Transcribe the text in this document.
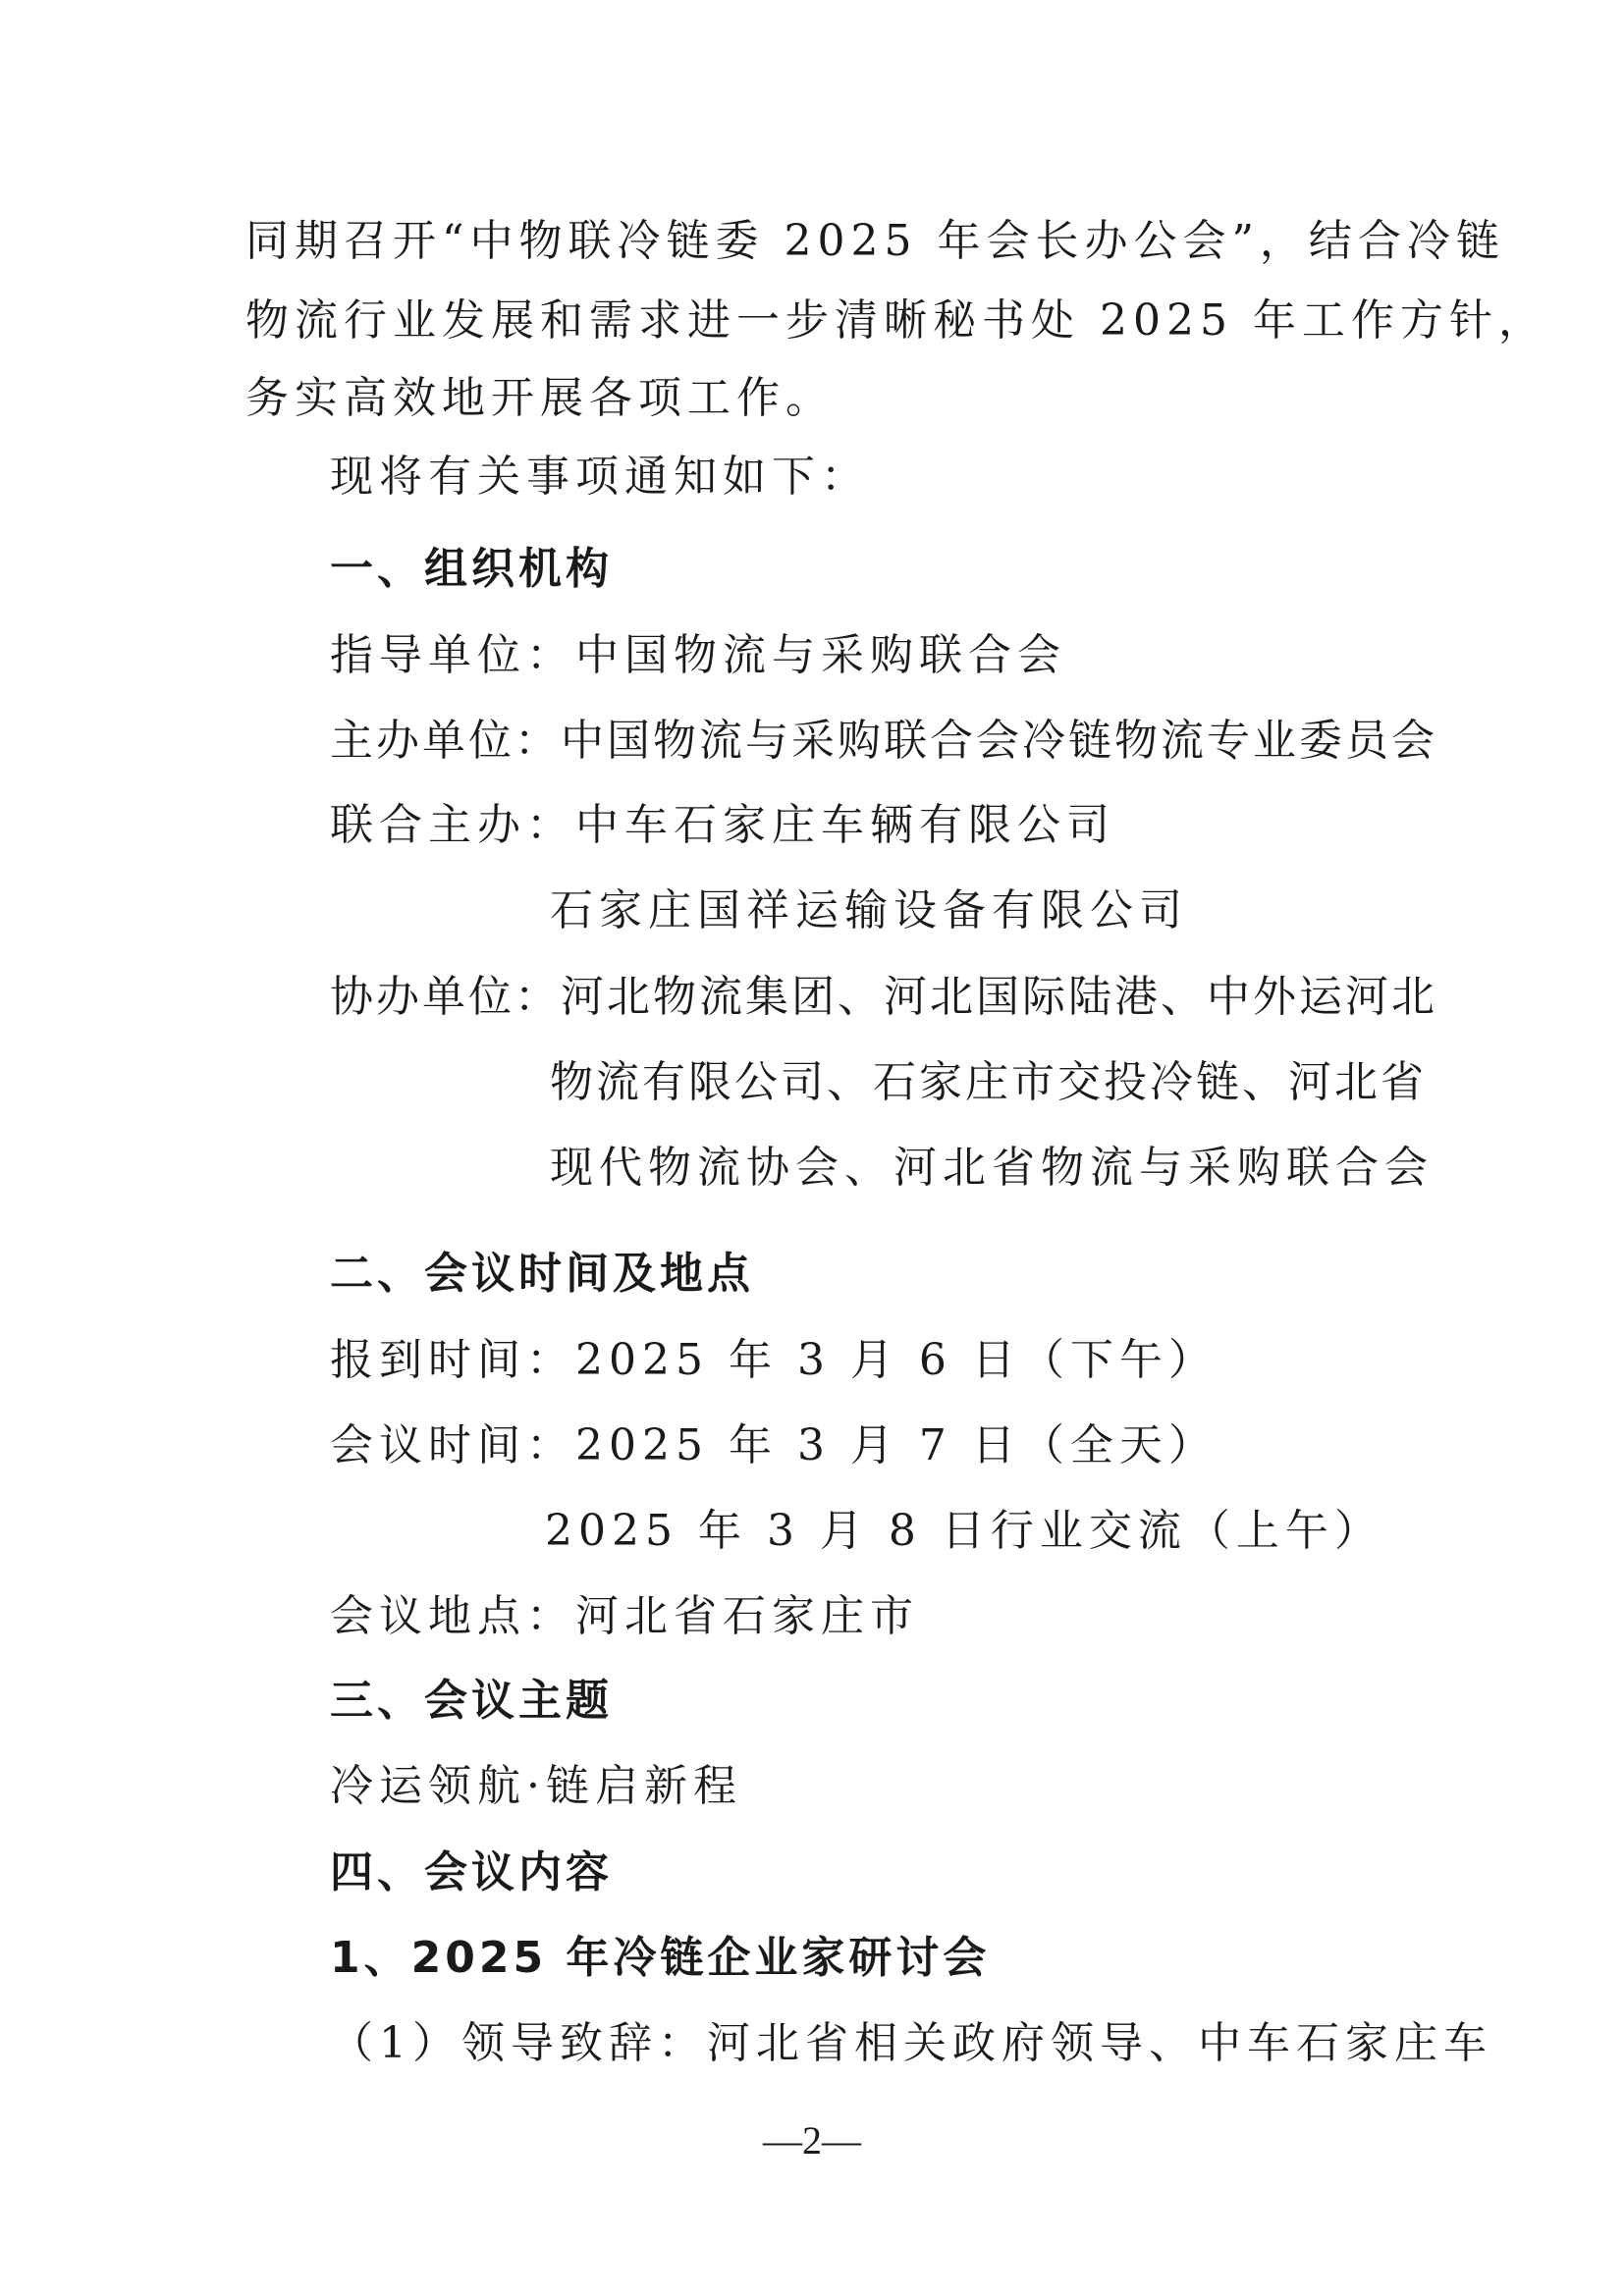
同期召开“中物联冷链委 2025 年会长办公会”，结合冷链
物流行业发展和需求进一步清晰秘书处 2025 年工作方针，
务实高效地开展各项工作。
现将有关事项通知如下：
一、组织机构
指导单位：中国物流与采购联合会
主办单位：中国物流与采购联合会冷链物流专业委员会
联合主办：中车石家庄车辆有限公司
石家庄国祥运输设备有限公司
协办单位：河北物流集团、河北国际陆港、中外运河北
物流有限公司、石家庄市交投冷链、河北省
现代物流协会、河北省物流与采购联合会
二、会议时间及地点
报到时间：2025 年 3 月 6 日（下午）
会议时间：2025 年 3 月 7 日（全天）
2025 年 3 月 8 日行业交流（上午）
会议地点：河北省石家庄市
三、会议主题
冷运领航·链启新程
四、会议内容
1、2025 年冷链企业家研讨会
（1）领导致辞：河北省相关政府领导、中车石家庄车
—2—
